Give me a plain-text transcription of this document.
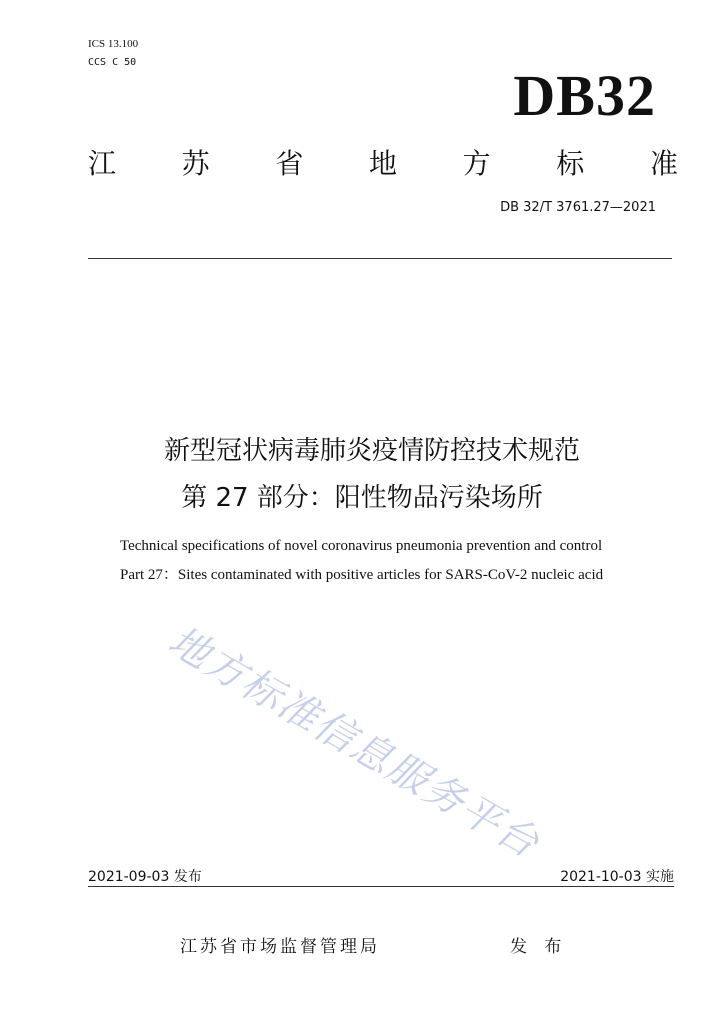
ICS 13.100
CCS C 50
DB32
江 苏 省 地 方 标 准
DB 32/T 3761.27—2021
新型冠状病毒肺炎疫情防控技术规范
第 27 部分：阳性物品污染场所
Technical specifications of novel coronavirus pneumonia prevention and control
Part 27：Sites contaminated with positive articles for SARS-CoV-2 nucleic acid
地方标准信息服务平台
2021-09-03 发布	2021-10-03 实施
江苏省市场监督管理局	发 布
